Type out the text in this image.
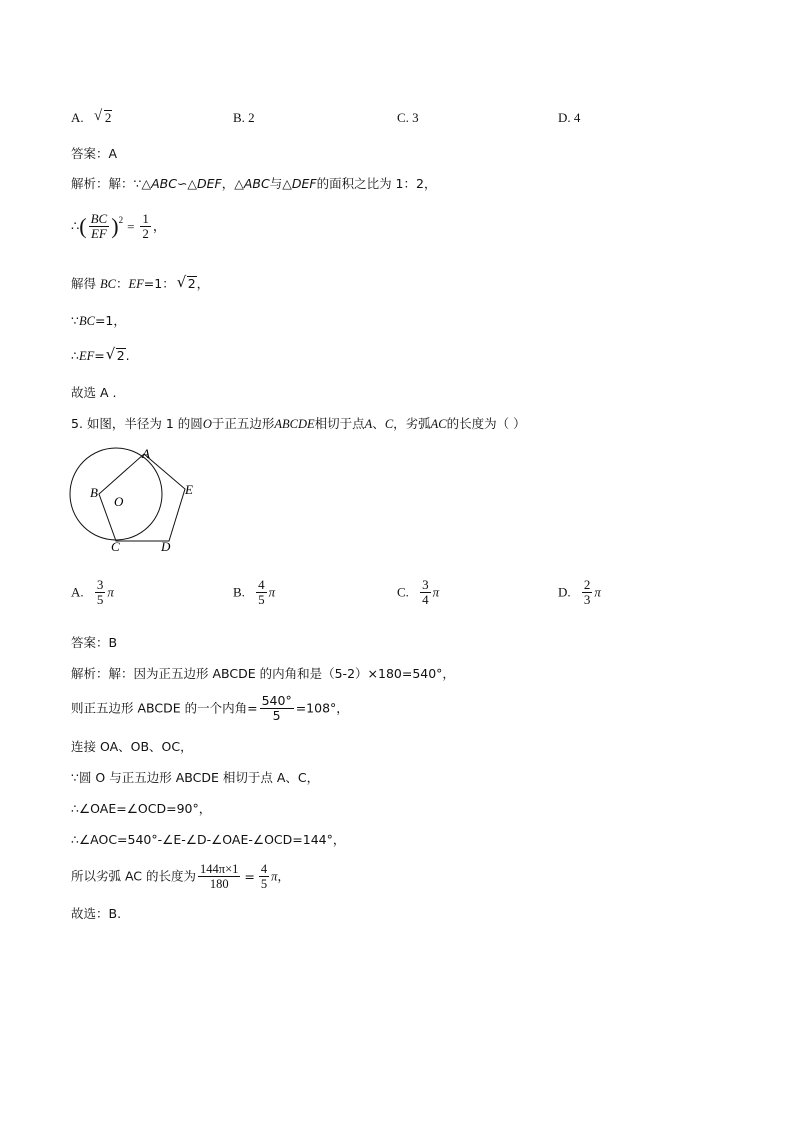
A. √ 2	B. 2	C. 3	D. 4
答案：A
解析：解：∵△ABC∽△DEF，△ABC与△DEF的面积之比为 1：2，
∴( $\frac{BC}{EF} )^2 = \frac{1}{2}$ ，
解得 BC：EF=1： √ 2，
∵BC=1，
∴EF= √ 2.
故选 A .
5. 如图，半径为 1 的圆O于正五边形ABCDE相切于点A、C，劣弧AC的长度为（ ）
A
B
C	D
E
O
A. $\frac{3}{5}$ π	B. $\frac{4}{5}$ π	C. $\frac{3}{4}$ π	D. $\frac{2}{3}$ π
答案：B
解析：解：因为正五边形 ABCDE 的内角和是（5-2）×180=540°，
则正五边形 ABCDE 的一个内角= $\frac{540^\circ}{5} =108^\circ$，
连接 OA、OB、OC，
∵圆 O 与正五边形 ABCDE 相切于点 A、C，
∴∠OAE=∠OCD=90°，
∴∠AOC=540°-∠E-∠D-∠OAE-∠OCD=144°，
所以劣弧 AC 的长度为 $\frac{144\pi\times 1}{180} = \frac{4}{5}$ π，
故选：B.
